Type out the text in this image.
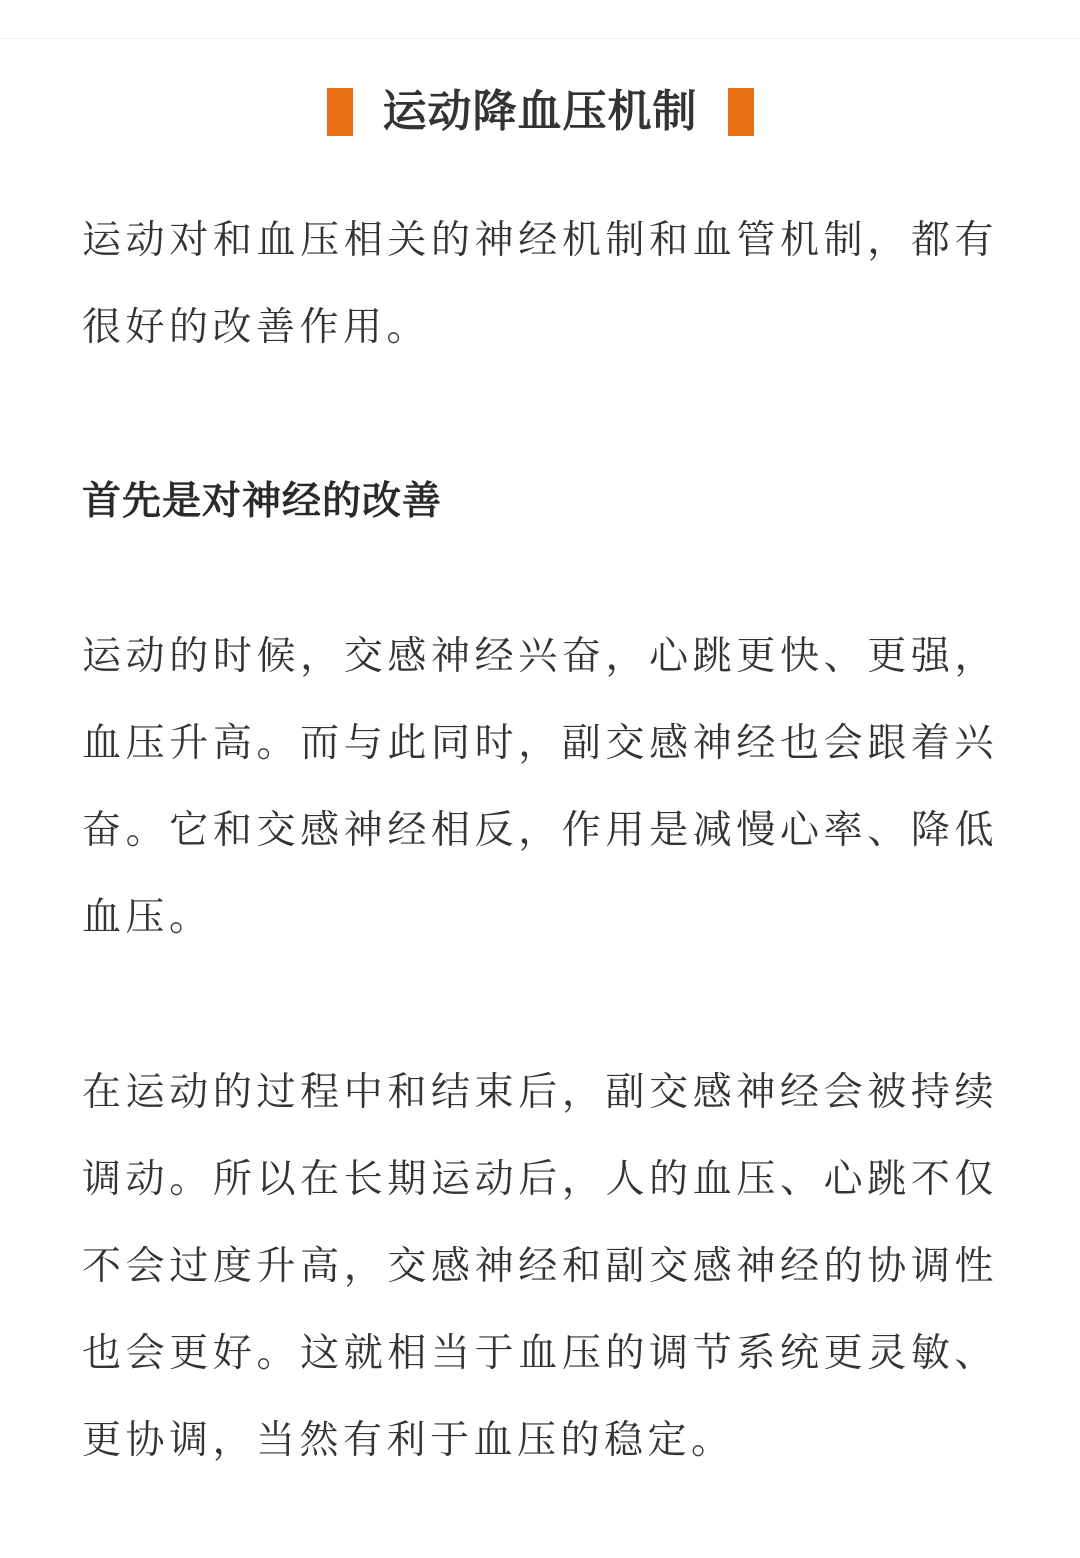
运动降血压机制

运动对和血压相关的神经机制和血管机制，都有很好的改善作用。

首先是对神经的改善

运动的时候，交感神经兴奋，心跳更快、更强，血压升高。而与此同时，副交感神经也会跟着兴奋。它和交感神经相反，作用是减慢心率、降低血压。

在运动的过程中和结束后，副交感神经会被持续调动。所以在长期运动后，人的血压、心跳不仅不会过度升高，交感神经和副交感神经的协调性也会更好。这就相当于血压的调节系统更灵敏、更协调，当然有利于血压的稳定。
